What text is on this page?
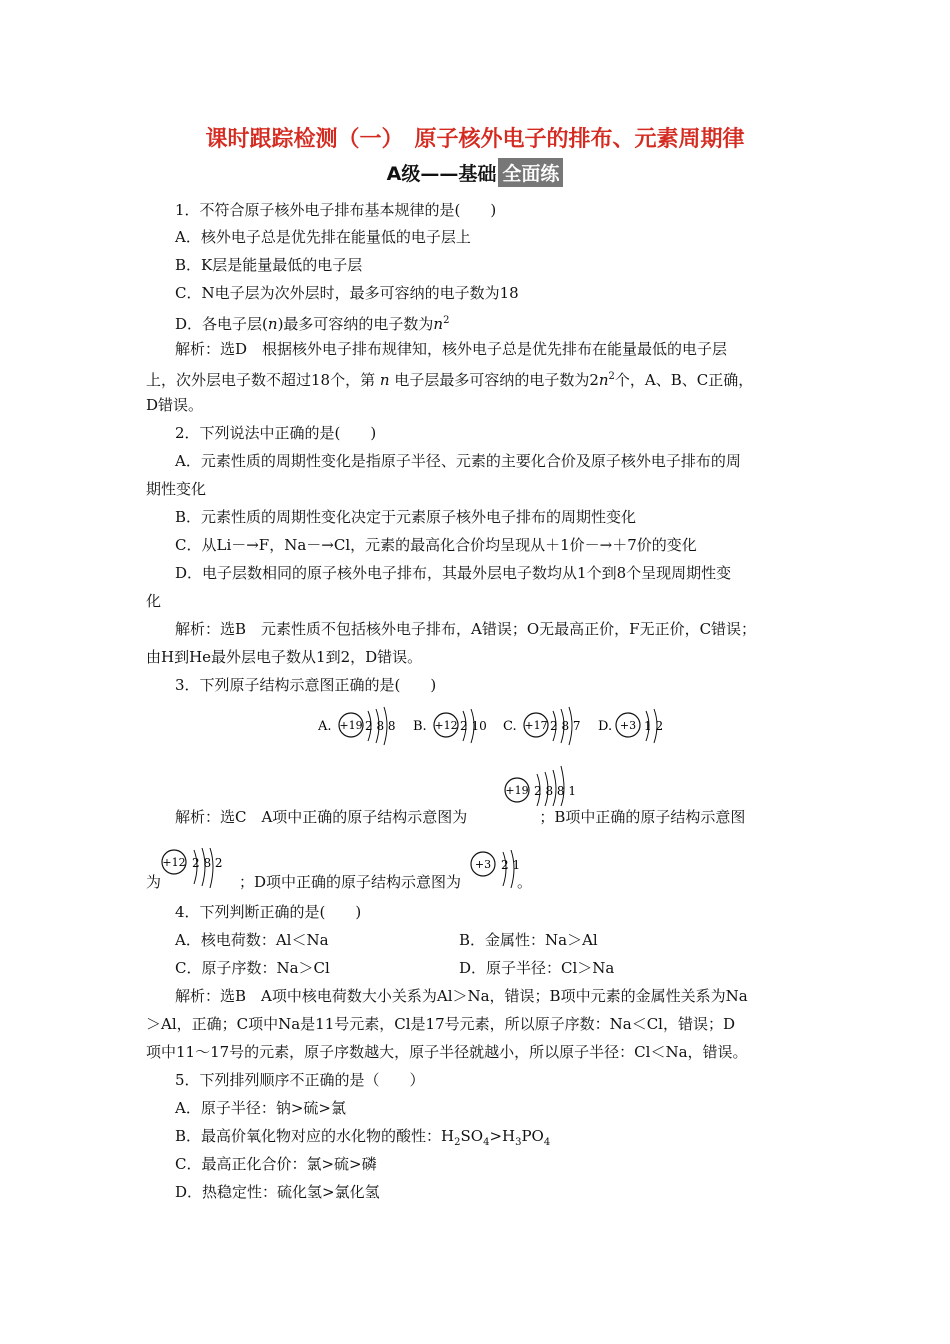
课时跟踪检测（一）　原子核外电子的排布、元素周期律
A级——基础 全面练
1．不符合原子核外电子排布基本规律的是(　　)
A．核外电子总是优先排在能量低的电子层上
B．K层是能量最低的电子层
C．N电子层为次外层时，最多可容纳的电子数为18
D．各电子层(n)最多可容纳的电子数为$n^2$
解析：选D　根据核外电子排布规律知，核外电子总是优先排布在能量最低的电子层
上，次外层电子数不超过18个，第 n 电子层最多可容纳的电子数为$2n^2$个，A、B、C正确，
D错误。
2．下列说法中正确的是(　　)
A．元素性质的周期性变化是指原子半径、元素的主要化合价及原子核外电子排布的周
期性变化
B．元素性质的周期性变化决定于元素原子核外电子排布的周期性变化
C．从Li－→F，Na－→Cl，元素的最高化合价均呈现从＋1价－→＋7价的变化
D．电子层数相同的原子核外电子排布，其最外层电子数均从1个到8个呈现周期性变
化
解析：选B　元素性质不包括核外电子排布，A错误；O无最高正价，F无正价，C错误；
由H到He最外层电子数从1到2，D错误。
3．下列原子结构示意图正确的是(　　)
A. +19 2 8 8 B. +12 2 10 C. +17 2 8 7 D. +3 1 2
+19 2 8 8 1
解析：选C　A项中正确的原子结构示意图为	；B项中正确的原子结构示意图
+12 2 8 2	+3 2 1
为	；D项中正确的原子结构示意图为	。
4．下列判断正确的是(　　)
A．核电荷数：Al＜Na	B．金属性：Na＞Al
C．原子序数：Na＞Cl	D．原子半径：Cl＞Na
解析：选B　A项中核电荷数大小关系为Al＞Na，错误；B项中元素的金属性关系为Na
＞Al，正确；C项中Na是11号元素，Cl是17号元素，所以原子序数：Na＜Cl，错误；D
项中11～17号的元素，原子序数越大，原子半径就越小，所以原子半径：Cl＜Na，错误。
5．下列排列顺序不正确的是（　　）
A．原子半径：钠>硫>氯
B．最高价氧化物对应的水化物的酸性：$H_2SO_4>H_3PO_4$
C．最高正化合价：氯>硫>磷
D．热稳定性：硫化氢>氯化氢
